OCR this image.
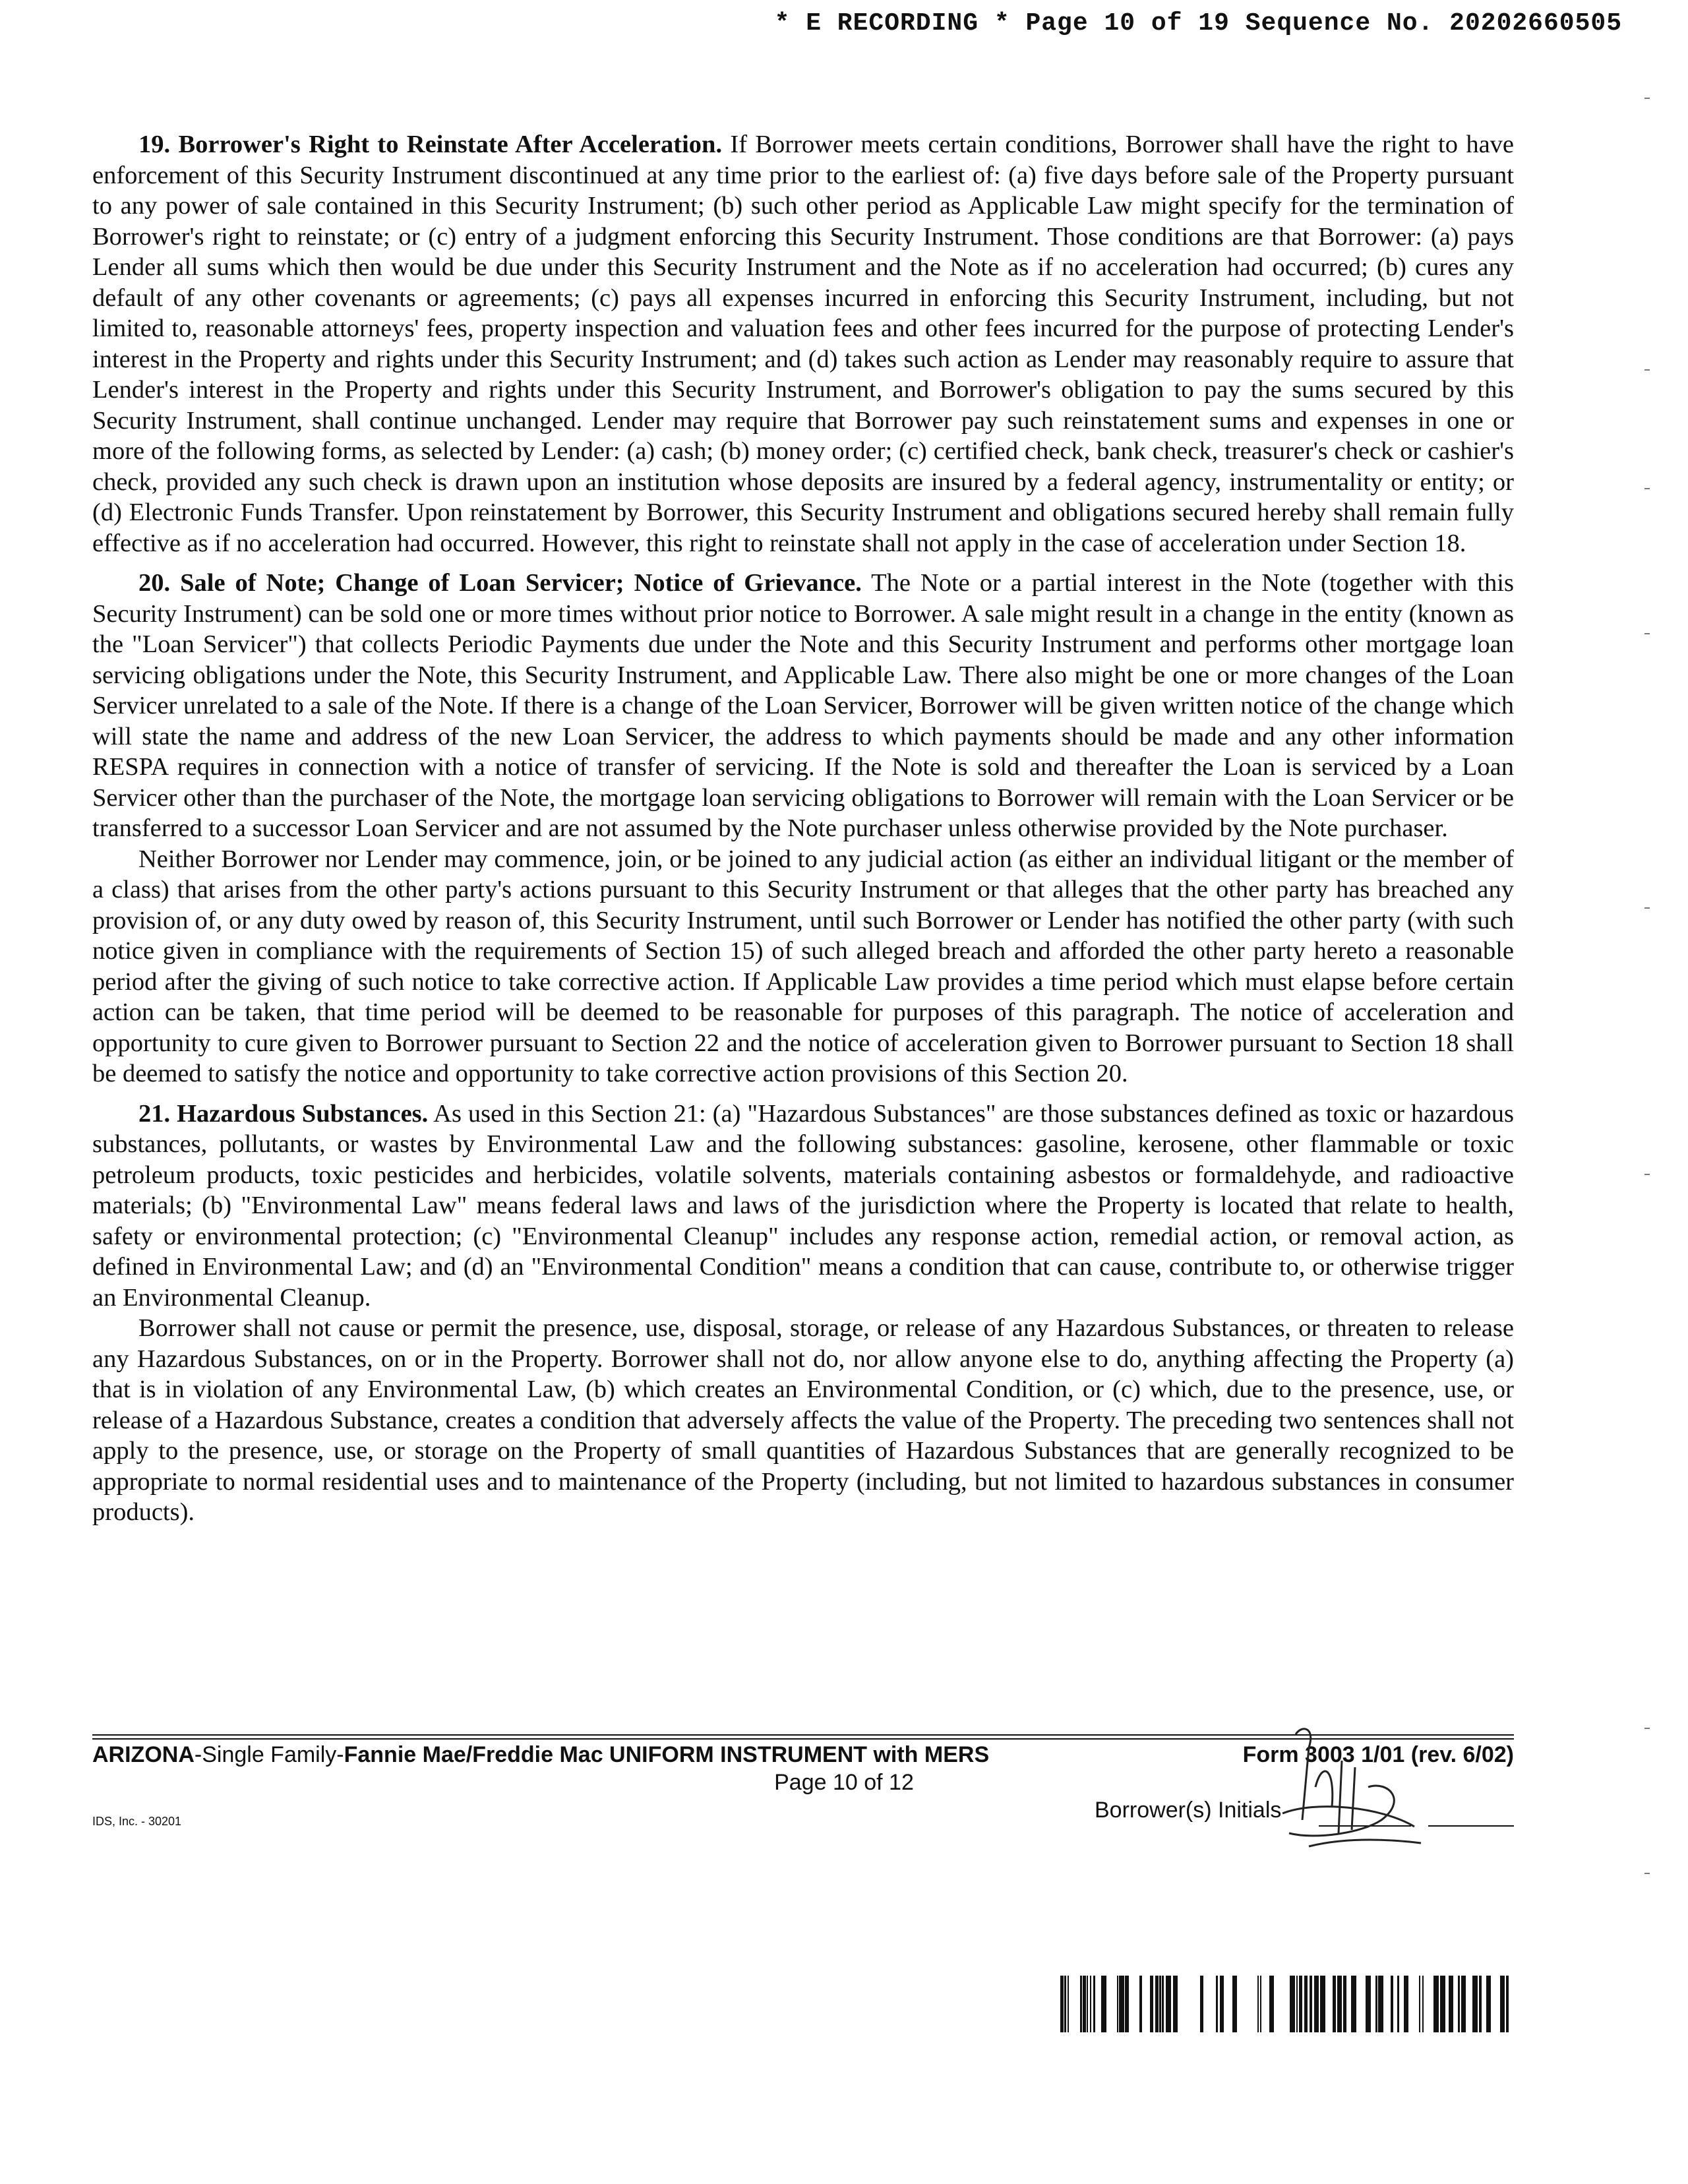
* E RECORDING * Page 10 of 19 Sequence No. 20202660505

19. Borrower's Right to Reinstate After Acceleration. If Borrower meets certain conditions, Borrower shall have the right to have enforcement of this Security Instrument discontinued at any time prior to the earliest of: (a) five days before sale of the Property pursuant to any power of sale contained in this Security Instrument; (b) such other period as Applicable Law might specify for the termination of Borrower's right to reinstate; or (c) entry of a judgment enforcing this Security Instrument. Those conditions are that Borrower: (a) pays Lender all sums which then would be due under this Security Instrument and the Note as if no acceleration had occurred; (b) cures any default of any other covenants or agreements; (c) pays all expenses incurred in enforcing this Security Instrument, including, but not limited to, reasonable attorneys' fees, property inspection and valuation fees and other fees incurred for the purpose of protecting Lender's interest in the Property and rights under this Security Instrument; and (d) takes such action as Lender may reasonably require to assure that Lender's interest in the Property and rights under this Security Instrument, and Borrower's obligation to pay the sums secured by this Security Instrument, shall continue unchanged. Lender may require that Borrower pay such reinstatement sums and expenses in one or more of the following forms, as selected by Lender: (a) cash; (b) money order; (c) certified check, bank check, treasurer's check or cashier's check, provided any such check is drawn upon an institution whose deposits are insured by a federal agency, instrumentality or entity; or (d) Electronic Funds Transfer. Upon reinstatement by Borrower, this Security Instrument and obligations secured hereby shall remain fully effective as if no acceleration had occurred. However, this right to reinstate shall not apply in the case of acceleration under Section 18.

20. Sale of Note; Change of Loan Servicer; Notice of Grievance. The Note or a partial interest in the Note (together with this Security Instrument) can be sold one or more times without prior notice to Borrower. A sale might result in a change in the entity (known as the "Loan Servicer") that collects Periodic Payments due under the Note and this Security Instrument and performs other mortgage loan servicing obligations under the Note, this Security Instrument, and Applicable Law. There also might be one or more changes of the Loan Servicer unrelated to a sale of the Note. If there is a change of the Loan Servicer, Borrower will be given written notice of the change which will state the name and address of the new Loan Servicer, the address to which payments should be made and any other information RESPA requires in connection with a notice of transfer of servicing. If the Note is sold and thereafter the Loan is serviced by a Loan Servicer other than the purchaser of the Note, the mortgage loan servicing obligations to Borrower will remain with the Loan Servicer or be transferred to a successor Loan Servicer and are not assumed by the Note purchaser unless otherwise provided by the Note purchaser.

Neither Borrower nor Lender may commence, join, or be joined to any judicial action (as either an individual litigant or the member of a class) that arises from the other party's actions pursuant to this Security Instrument or that alleges that the other party has breached any provision of, or any duty owed by reason of, this Security Instrument, until such Borrower or Lender has notified the other party (with such notice given in compliance with the requirements of Section 15) of such alleged breach and afforded the other party hereto a reasonable period after the giving of such notice to take corrective action. If Applicable Law provides a time period which must elapse before certain action can be taken, that time period will be deemed to be reasonable for purposes of this paragraph. The notice of acceleration and opportunity to cure given to Borrower pursuant to Section 22 and the notice of acceleration given to Borrower pursuant to Section 18 shall be deemed to satisfy the notice and opportunity to take corrective action provisions of this Section 20.

21. Hazardous Substances. As used in this Section 21: (a) "Hazardous Substances" are those substances defined as toxic or hazardous substances, pollutants, or wastes by Environmental Law and the following substances: gasoline, kerosene, other flammable or toxic petroleum products, toxic pesticides and herbicides, volatile solvents, materials containing asbestos or formaldehyde, and radioactive materials; (b) "Environmental Law" means federal laws and laws of the jurisdiction where the Property is located that relate to health, safety or environmental protection; (c) "Environmental Cleanup" includes any response action, remedial action, or removal action, as defined in Environmental Law; and (d) an "Environmental Condition" means a condition that can cause, contribute to, or otherwise trigger an Environmental Cleanup.

Borrower shall not cause or permit the presence, use, disposal, storage, or release of any Hazardous Substances, or threaten to release any Hazardous Substances, on or in the Property. Borrower shall not do, nor allow anyone else to do, anything affecting the Property (a) that is in violation of any Environmental Law, (b) which creates an Environmental Condition, or (c) which, due to the presence, use, or release of a Hazardous Substance, creates a condition that adversely affects the value of the Property. The preceding two sentences shall not apply to the presence, use, or storage on the Property of small quantities of Hazardous Substances that are generally recognized to be appropriate to normal residential uses and to maintenance of the Property (including, but not limited to hazardous substances in consumer products).

ARIZONA-Single Family-Fannie Mae/Freddie Mac UNIFORM INSTRUMENT with MERS	Form 3003 1/01 (rev. 6/02)
Page 10 of 12
IDS, Inc. - 30201	Borrower(s) Initials
